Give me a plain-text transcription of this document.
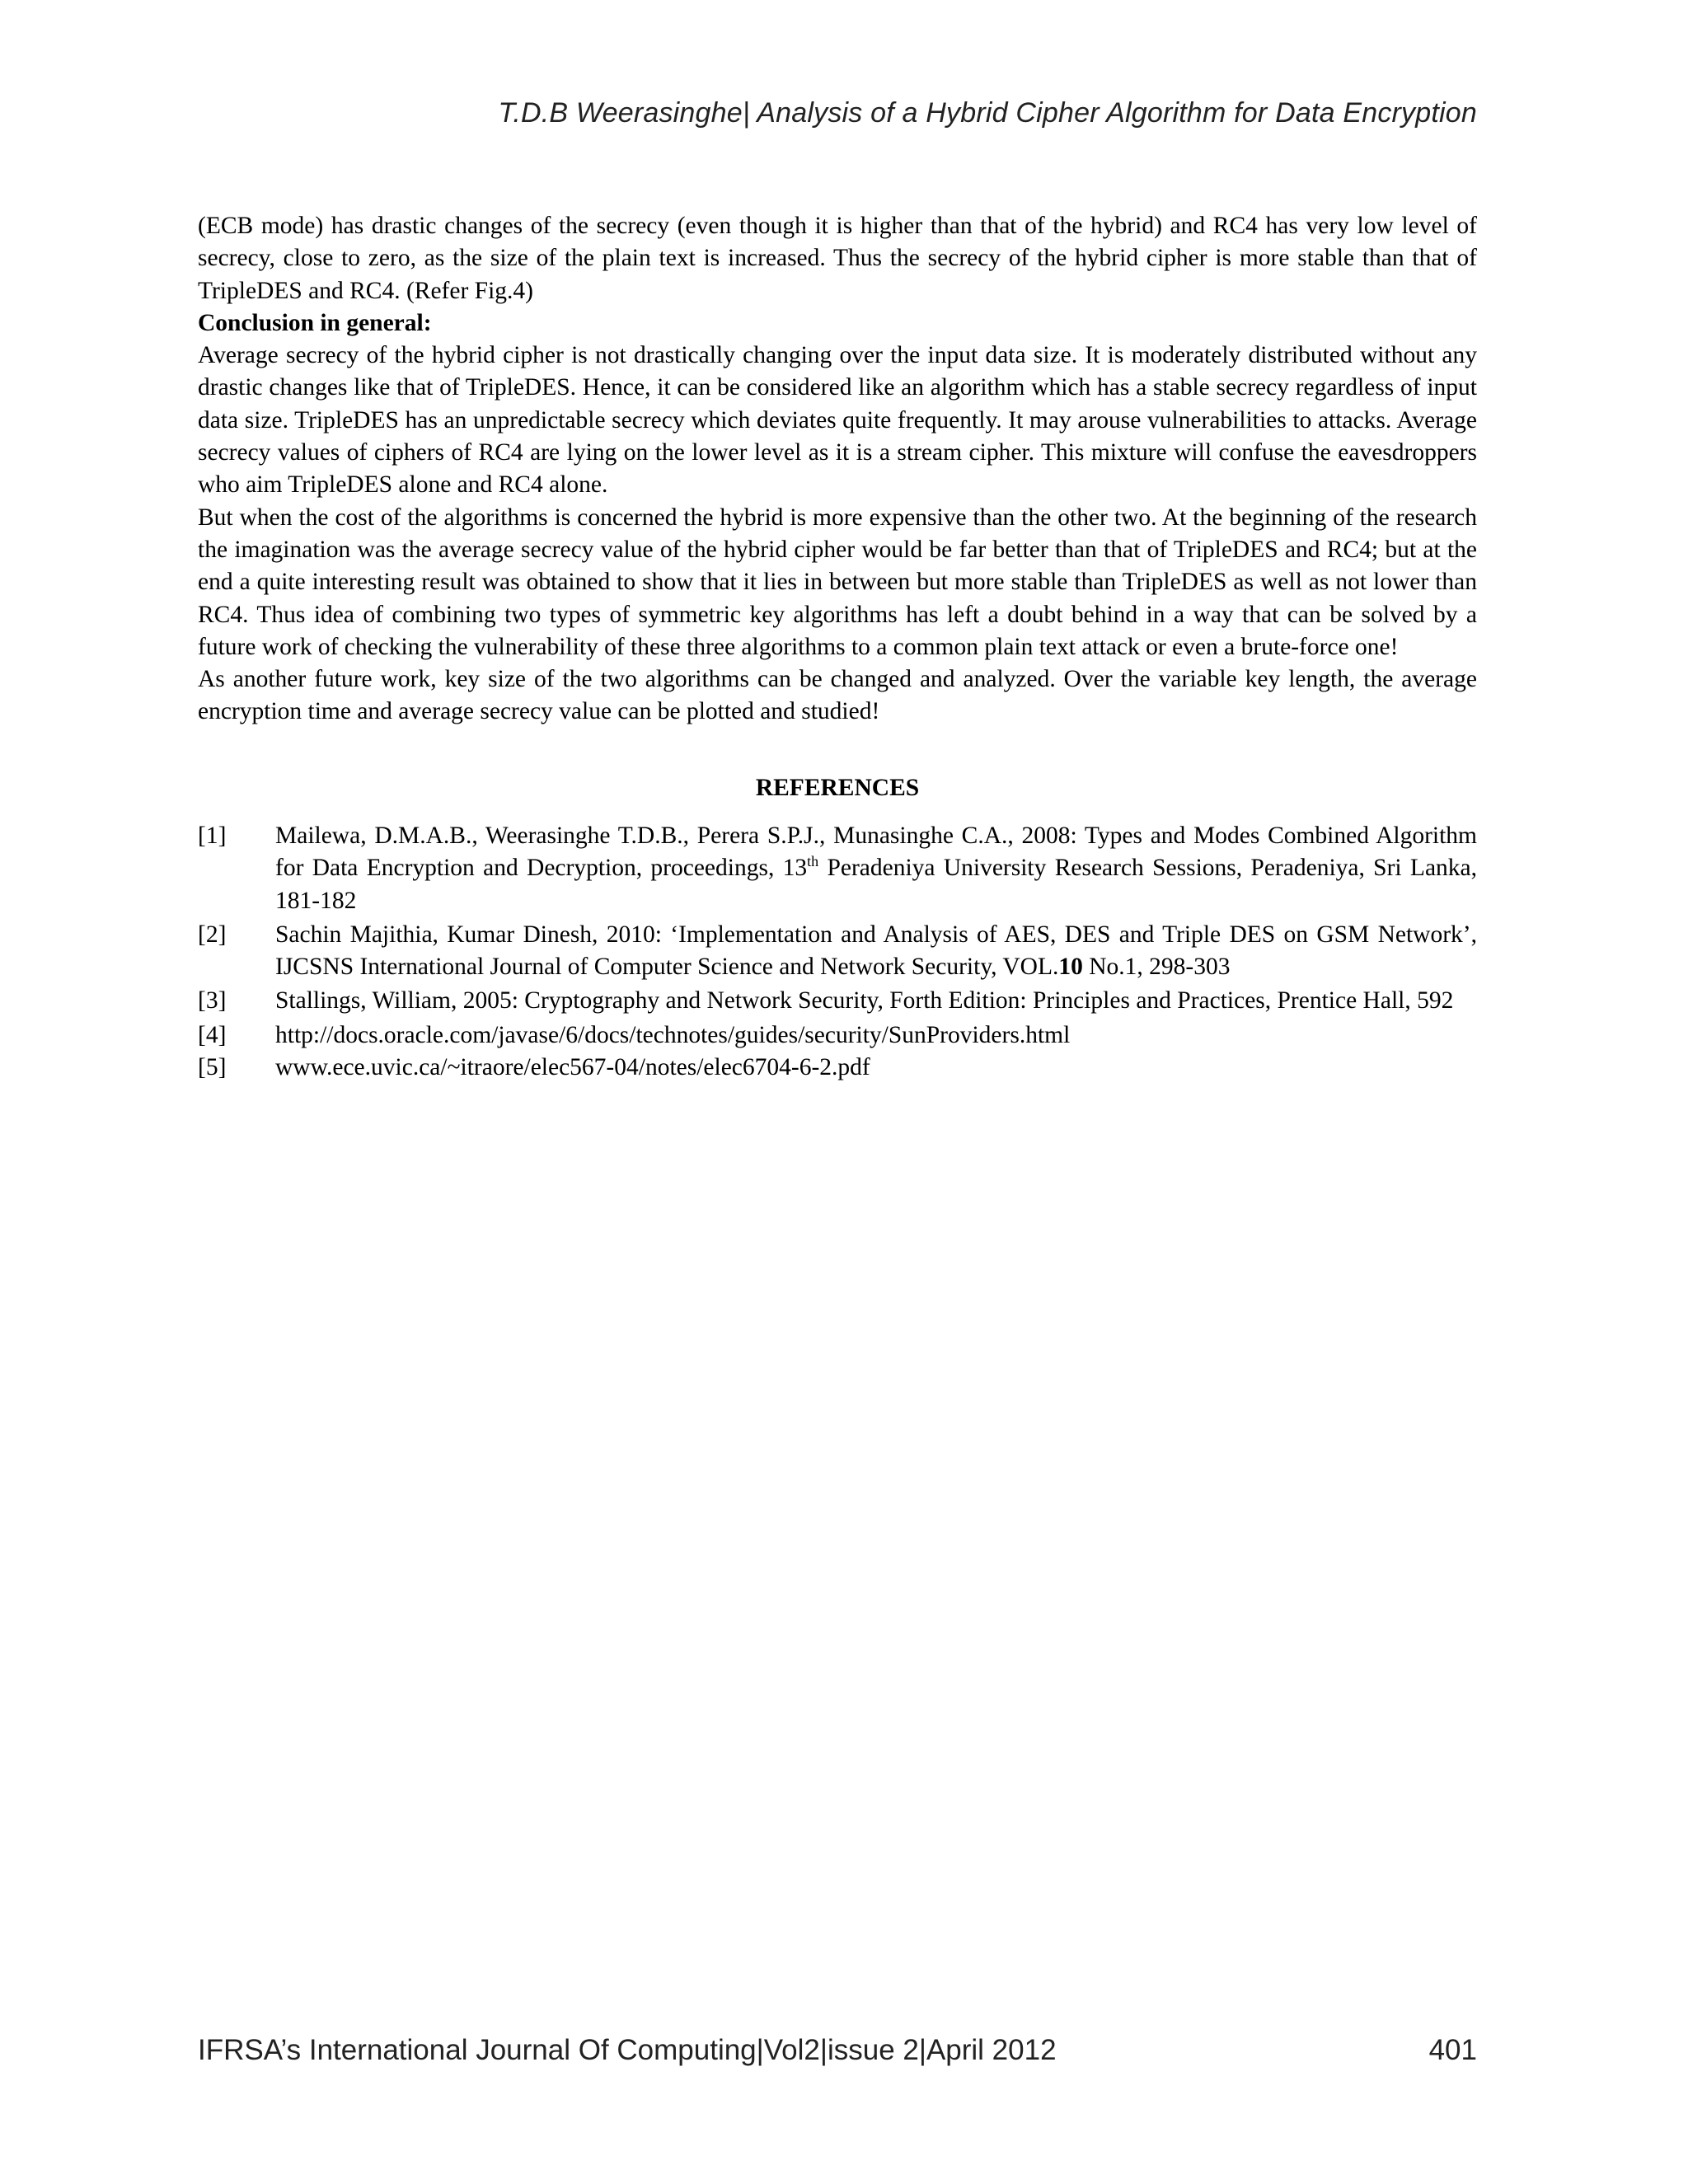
T.D.B Weerasinghe| Analysis of a Hybrid Cipher Algorithm for Data Encryption

(ECB mode) has drastic changes of the secrecy (even though it is higher than that of the hybrid) and RC4 has very low level of secrecy, close to zero, as the size of the plain text is increased. Thus the secrecy of the hybrid cipher is more stable than that of TripleDES and RC4. (Refer Fig.4)

Conclusion in general:

Average secrecy of the hybrid cipher is not drastically changing over the input data size. It is moderately distributed without any drastic changes like that of TripleDES. Hence, it can be considered like an algorithm which has a stable secrecy regardless of input data size. TripleDES has an unpredictable secrecy which deviates quite frequently. It may arouse vulnerabilities to attacks. Average secrecy values of ciphers of RC4 are lying on the lower level as it is a stream cipher. This mixture will confuse the eavesdroppers who aim TripleDES alone and RC4 alone.

But when the cost of the algorithms is concerned the hybrid is more expensive than the other two. At the beginning of the research the imagination was the average secrecy value of the hybrid cipher would be far better than that of TripleDES and RC4; but at the end a quite interesting result was obtained to show that it lies in between but more stable than TripleDES as well as not lower than RC4. Thus idea of combining two types of symmetric key algorithms has left a doubt behind in a way that can be solved by a future work of checking the vulnerability of these three algorithms to a common plain text attack or even a brute-force one!

As another future work, key size of the two algorithms can be changed and analyzed. Over the variable key length, the average encryption time and average secrecy value can be plotted and studied!

REFERENCES
[1]	Mailewa, D.M.A.B., Weerasinghe T.D.B., Perera S.P.J., Munasinghe C.A., 2008: Types and Modes Combined Algorithm for Data Encryption and Decryption, proceedings, 13th Peradeniya University Research Sessions, Peradeniya, Sri Lanka, 181-182
[2]	Sachin Majithia, Kumar Dinesh, 2010: ‘Implementation and Analysis of AES, DES and Triple DES on GSM Network’, IJCSNS International Journal of Computer Science and Network Security, VOL.10 No.1, 298-303
[3]	Stallings, William, 2005: Cryptography and Network Security, Forth Edition: Principles and Practices, Prentice Hall, 592
[4]	http://docs.oracle.com/javase/6/docs/technotes/guides/security/SunProviders.html
[5]	www.ece.uvic.ca/~itraore/elec567-04/notes/elec6704-6-2.pdf
IFRSA’s International Journal Of Computing|Vol2|issue 2|April 2012	401
